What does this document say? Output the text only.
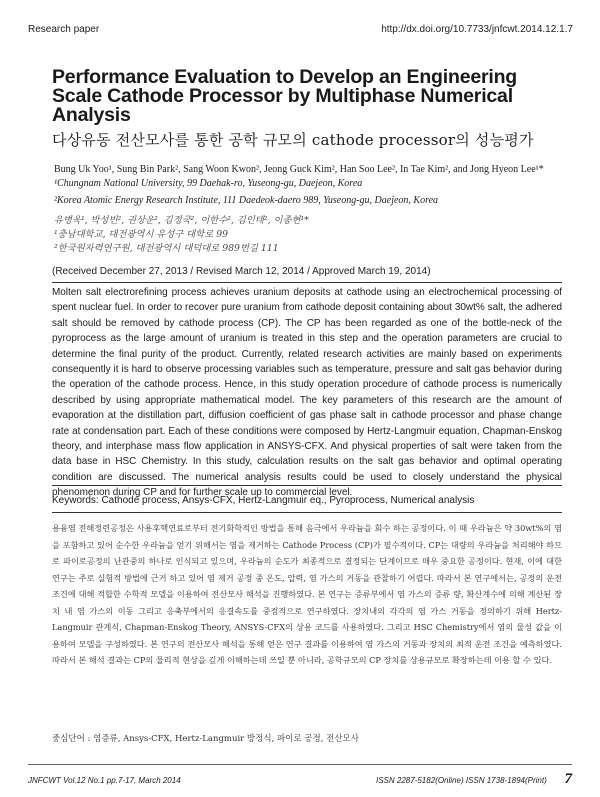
Research paper	http://dx.doi.org/10.7733/jnfcwt.2014.12.1.7
Performance Evaluation to Develop an Engineering
Scale Cathode Processor by Multiphase Numerical
Analysis
다상유동 전산모사를 통한 공학 규모의 cathode processor의 성능평가
Bung Uk Yoo¹, Sung Bin Park², Sang Woon Kwon², Jeong Guck Kim², Han Soo Lee², In Tae Kim², and Jong Hyeon Lee¹*
¹Chungnam National University, 99 Daehak-ro, Yuseong-gu, Daejeon, Korea
²Korea Atomic Energy Research Institute, 111 Daedeok-daero 989, Yuseong-gu, Daejeon, Korea
유병욱¹, 박성빈², 권상운², 김정국², 이한수², 김인태², 이종현¹*
¹충남대학교, 대전광역시 유성구 대학로 99
²한국원자력연구원, 대전광역시 대덕대로 989번길 111
(Received December 27, 2013 / Revised March 12, 2014 / Approved March 19, 2014)

Molten salt electrorefining process achieves uranium deposits at cathode using an electrochemical processing of spent nuclear fuel. In order to recover pure uranium from cathode deposit containing about 30wt% salt, the adhered salt should be removed by cathode process (CP). The CP has been regarded as one of the bottle-neck of the pyroprocess as the large amount of uranium is treated in this step and the operation parameters are crucial to determine the final purity of the product. Currently, related research activities are mainly based on experiments consequently it is hard to observe processing variables such as temperature, pressure and salt gas behavior during the operation of the cathode process. Hence, in this study operation procedure of cathode process is numerically described by using appropriate mathematical model. The key parameters of this research are the amount of evaporation at the distillation part, diffusion coefficient of gas phase salt in cathode processor and phase change rate at condensation part. Each of these conditions were composed by Hertz-Langmuir equation, Chapman-Enskog theory, and interphase mass flow application in ANSYS-CFX. And physical properties of salt were taken from the data base in HSC Chemistry. In this study, calculation results on the salt gas behavior and optimal operating condition are discussed. The numerical analysis results could be used to closely understand the physical phenomenon during CP and for further scale up to commercial level.

Keywords: Cathode process, Ansys-CFX, Hertz-Langmuir eq., Pyroprocess, Numerical analysis

용융염 전해정련공정은 사용후핵연료로부터 전기화학적인 방법을 통해 음극에서 우라늄을 회수 하는 공정이다. 이 때 우라늄은 약 30wt%의 염을 포함하고 있어 순수한 우라늄을 얻기 위해서는 염을 제거하는 Cathode Process (CP)가 필수적이다. CP는 대량의 우라늄을 처리해야 하므로 파이로공정의 난관중의 하나로 인식되고 있으며, 우라늄의 순도가 최종적으로 결정되는 단계이므로 매우 중요한 공정이다. 현재, 이에 대한 연구는 주로 실험적 방법에 근거 하고 있어 염 제거 공정 중 온도, 압력, 염 가스의 거동을 관찰하기 어렵다. 따라서 본 연구에서는, 공정의 운전 조건에 대해 적합한 수학적 모델을 이용하여 전산모사 해석을 진행하였다. 본 연구는 증류부에서 염 가스의 증류 량, 확산계수에 의해 계산된 장치 내 염 가스의 이동 그리고 응축부에서의 응결속도를 중점적으로 연구하였다. 장치내의 각각의 염 가스 거동을 정의하기 위해 Hertz-Langmuir 관계식, Chapman-Enskog Theory, ANSYS-CFX의 상용 코드를 사용하였다. 그리고 HSC Chemistry에서 염의 물성 값을 이용하여 모델을 구성하였다. 본 연구의 전산모사 해석을 통해 얻은 연구 결과를 이용하여 염 가스의 거동과 장치의 최적 운전 조건을 예측하였다. 따라서 본 해석 결과는 CP의 물리적 현상을 깊게 이해하는데 쓰일 뿐 아니라, 공학규모의 CP 장치를 상용규모로 확장하는데 이용 할 수 있다.

중심단어 : 염증류, Ansys-CFX, Hertz-Langmuir 방정식, 파이로 공정, 전산모사
JNFCWT Vol.12 No.1 pp.7-17, March 2014	ISSN 2287-5182(Online) ISSN 1738-1894(Print) 7
